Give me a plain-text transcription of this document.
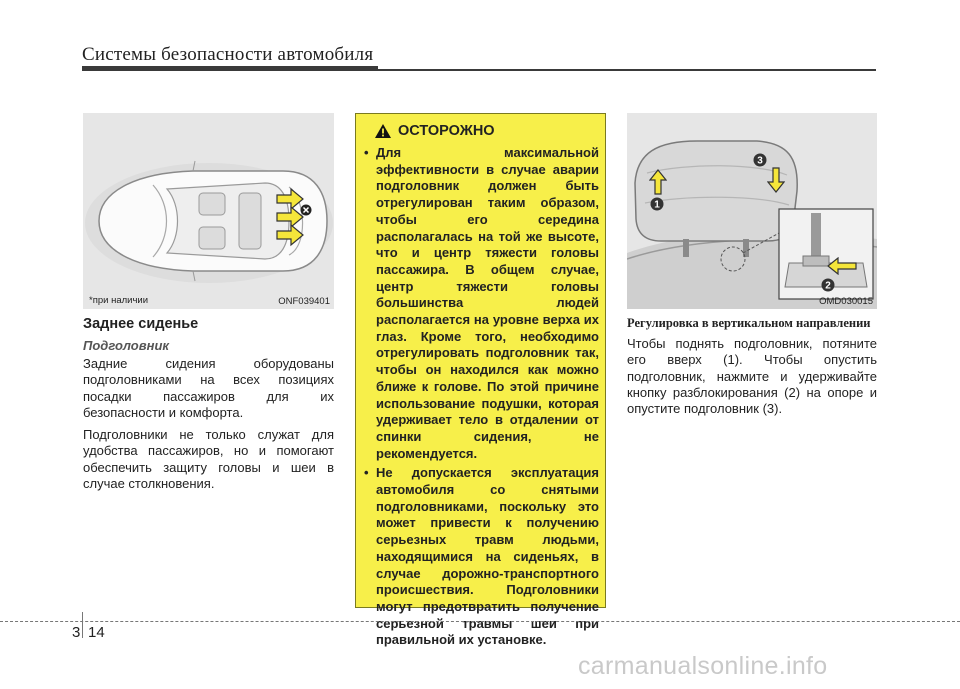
Системы безопасности автомобиля
*при наличии	ONF039401
Заднее сиденье
Подголовник

Задние сидения оборудованы подголовниками на всех позициях посадки пассажиров для их безопасности и комфорта.

Подголовники не только служат для удобства пассажиров, но и помогают обеспечить защиту головы и шеи в случае столкновения.

ОСТОРОЖНО
• Для максимальной эффективности в случае аварии подголовник должен быть отрегулирован таким образом, чтобы его середина располагалась на той же высоте, что и центр тяжести головы пассажира. В общем случае, центр тяжести головы большинства людей располагается на уровне верха их глаз. Кроме того, необходимо отрегулировать подголовник так, чтобы он находился как можно ближе к голове. По этой причине использование подушки, которая удерживает тело в отдалении от спинки сидения, не рекомендуется.
• Не допускается эксплуатация автомобиля со снятыми подголовниками, поскольку это может привести к получению серьезных травм людьми, находящимися на сиденьях, в случае дорожно-транспортного происшествия. Подголовники могут предотвратить получение серьезной травмы шеи при правильной их установке.
1
2
3
OMD030015
Регулировка в вертикальном направлении

Чтобы поднять подголовник, потяните его вверх (1). Чтобы опустить подголовник, нажмите и удерживайте кнопку разблокирования (2) на опоре и опустите подголовник (3).

3 14
carmanualsonline.info
